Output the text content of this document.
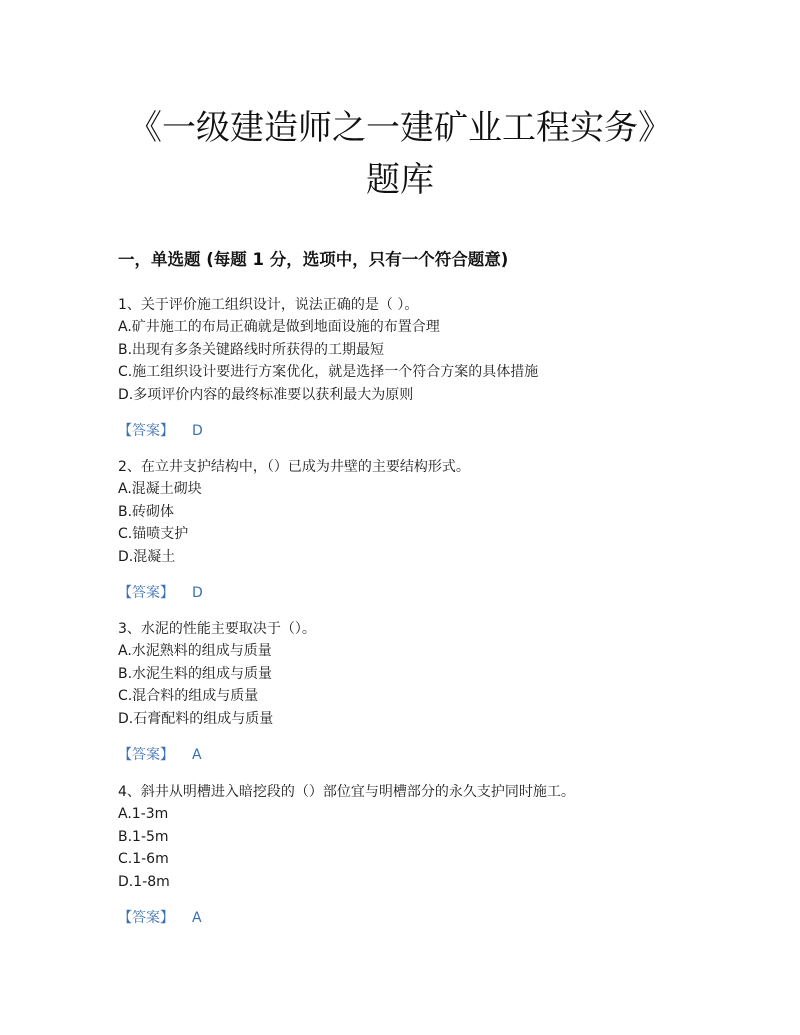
《一级建造师之一建矿业工程实务》
题库
一，单选题 (每题 1 分，选项中，只有一个符合题意)
1、关于评价施工组织设计，说法正确的是（ ）。
A.矿井施工的布局正确就是做到地面设施的布置合理
B.出现有多条关键路线时所获得的工期最短
C.施工组织设计要进行方案优化，就是选择一个符合方案的具体措施
D.多项评价内容的最终标准要以获利最大为原则
【答案】 D
2、在立井支护结构中，（）已成为井壁的主要结构形式。
A.混凝土砌块
B.砖砌体
C.锚喷支护
D.混凝土
【答案】 D
3、水泥的性能主要取决于（）。
A.水泥熟料的组成与质量
B.水泥生料的组成与质量
C.混合料的组成与质量
D.石膏配料的组成与质量
【答案】 A
4、斜井从明槽进入暗挖段的（）部位宜与明槽部分的永久支护同时施工。
A.1-3m
B.1-5m
C.1-6m
D.1-8m
【答案】 A
